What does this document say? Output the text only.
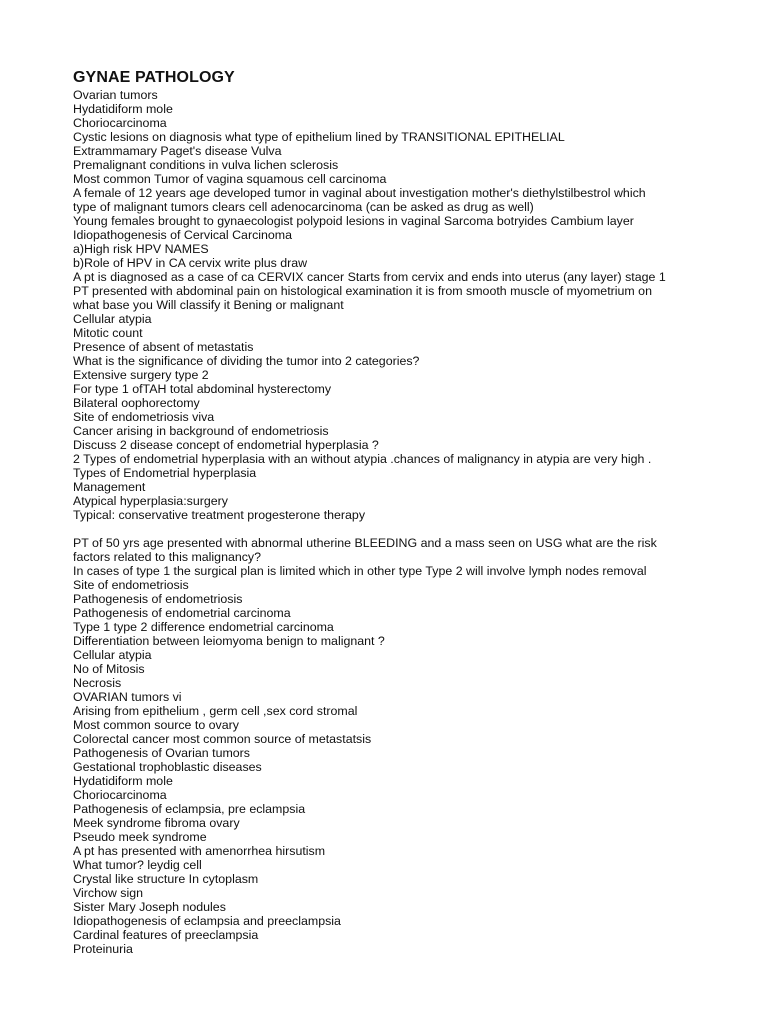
GYNAE PATHOLOGY
Ovarian tumors
Hydatidiform mole
Choriocarcinoma
Cystic lesions on diagnosis what type of epithelium lined by TRANSITIONAL EPITHELIAL
Extrammamary Paget's disease Vulva
Premalignant conditions in vulva lichen sclerosis
Most common Tumor of vagina squamous cell carcinoma
A female of 12 years age developed tumor in vaginal about investigation mother's diethylstilbestrol which
type of malignant tumors clears cell adenocarcinoma (can be asked as drug as well)
Young females brought to gynaecologist polypoid lesions in vaginal Sarcoma botryides Cambium layer
Idiopathogenesis of Cervical Carcinoma
a)High risk HPV NAMES
b)Role of HPV in CA cervix write plus draw
A pt is diagnosed as a case of ca CERVIX cancer Starts from cervix and ends into uterus (any layer) stage 1
PT presented with abdominal pain on histological examination it is from smooth muscle of myometrium on
what base you Will classify it Bening or malignant
Cellular atypia
Mitotic count
Presence of absent of metastatis
What is the significance of dividing the tumor into 2 categories?
Extensive surgery type 2
For type 1 ofTAH total abdominal hysterectomy
Bilateral oophorectomy
Site of endometriosis viva
Cancer arising in background of endometriosis
Discuss 2 disease concept of endometrial hyperplasia ?
2 Types of endometrial hyperplasia with an without atypia .chances of malignancy in atypia are very high .
Types of Endometrial hyperplasia
Management
Atypical hyperplasia:surgery
Typical: conservative treatment progesterone therapy
PT of 50 yrs age presented with abnormal utherine BLEEDING and a mass seen on USG what are the risk
factors related to this malignancy?
In cases of type 1 the surgical plan is limited which in other type Type 2 will involve lymph nodes removal
Site of endometriosis
Pathogenesis of endometriosis
Pathogenesis of endometrial carcinoma
Type 1 type 2 difference endometrial carcinoma
Differentiation between leiomyoma benign to malignant ?
Cellular atypia
No of Mitosis
Necrosis
OVARIAN tumors vi
Arising from epithelium , germ cell ,sex cord stromal
Most common source to ovary
Colorectal cancer most common source of metastatsis
Pathogenesis of Ovarian tumors
Gestational trophoblastic diseases
Hydatidiform mole
Choriocarcinoma
Pathogenesis of eclampsia, pre eclampsia
Meek syndrome fibroma ovary
Pseudo meek syndrome
A pt has presented with amenorrhea hirsutism
What tumor? leydig cell
Crystal like structure In cytoplasm
Virchow sign
Sister Mary Joseph nodules
Idiopathogenesis of eclampsia and preeclampsia
Cardinal features of preeclampsia
Proteinuria
